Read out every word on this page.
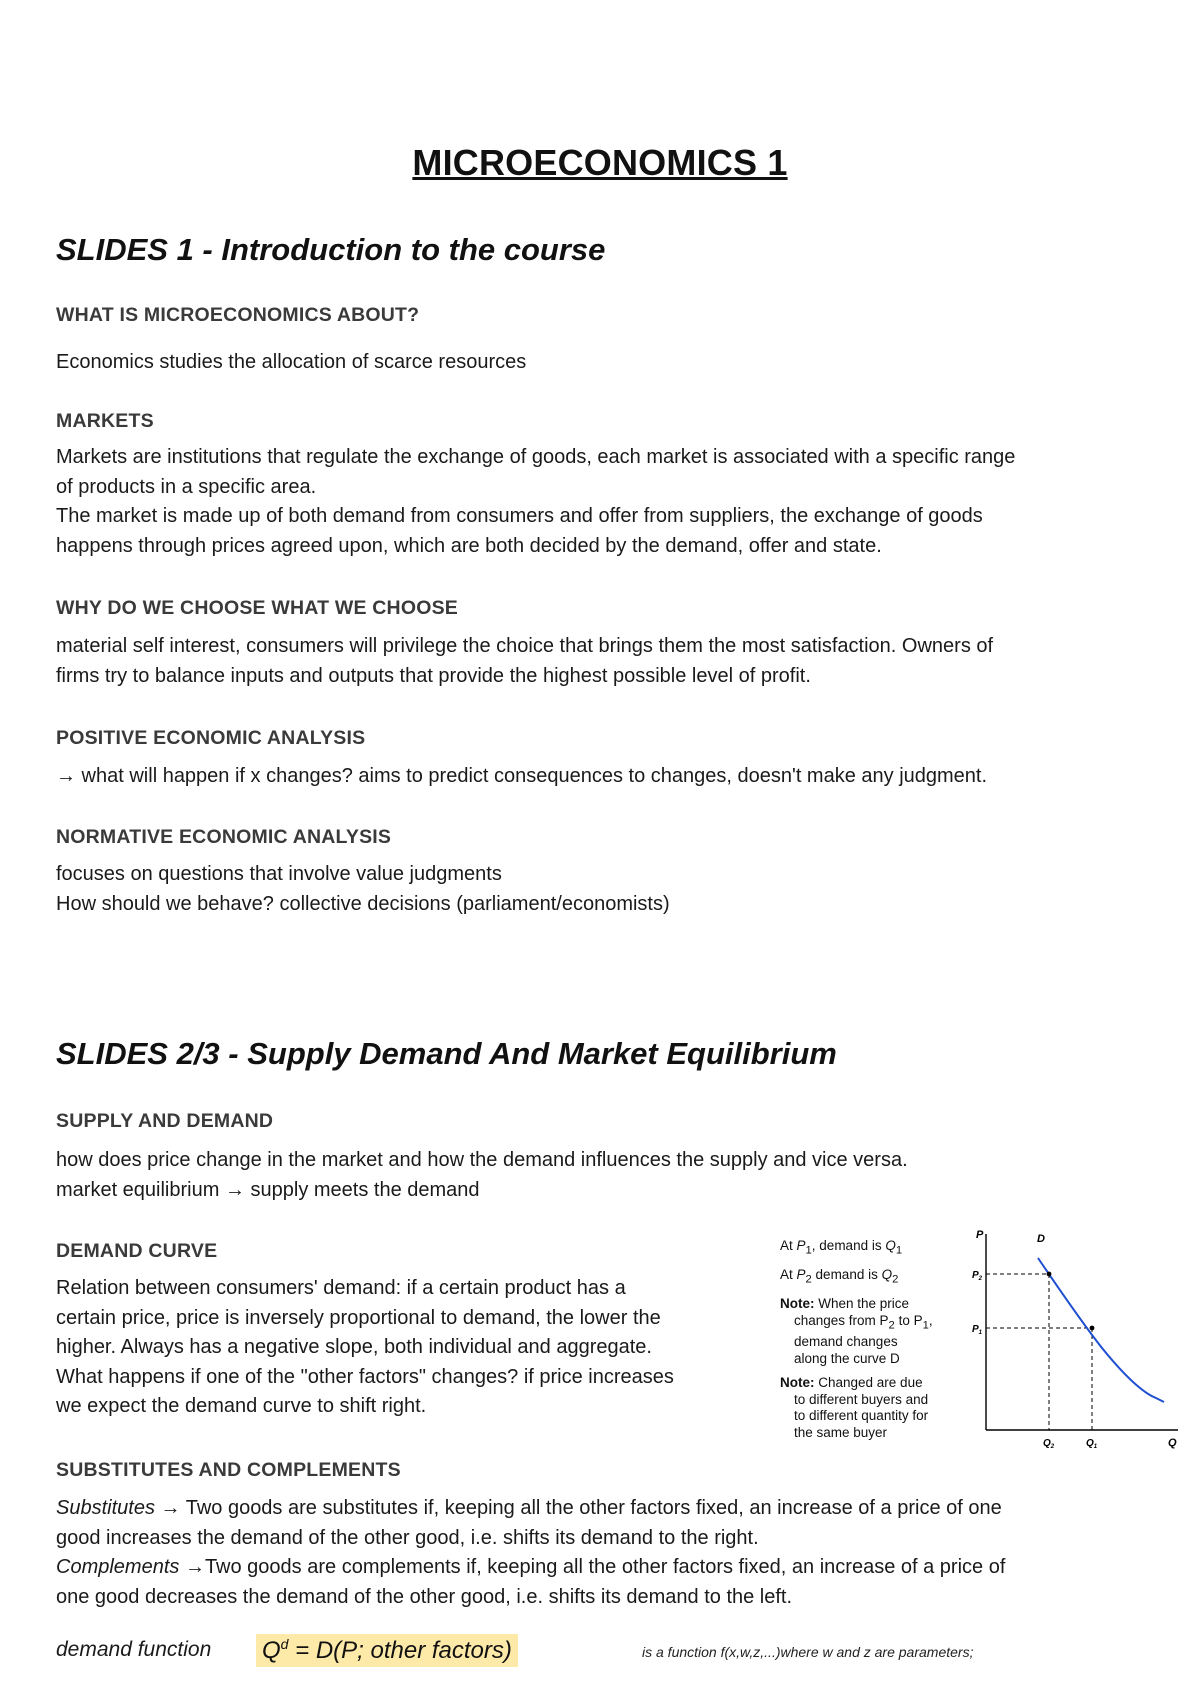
MICROECONOMICS 1
SLIDES 1 - Introduction to the course
WHAT IS MICROECONOMICS ABOUT?

Economics studies the allocation of scarce resources

MARKETS

Markets are institutions that regulate the exchange of goods, each market is associated with a specific range

of products in a specific area.

The market is made up of both demand from consumers and offer from suppliers, the exchange of goods

happens through prices agreed upon, which are both decided by the demand, offer and state.

WHY DO WE CHOOSE WHAT WE CHOOSE

material self interest, consumers will privilege the choice that brings them the most satisfaction. Owners of

firms try to balance inputs and outputs that provide the highest possible level of profit.

POSITIVE ECONOMIC ANALYSIS

→ what will happen if x changes? aims to predict consequences to changes, doesn't make any judgment.

NORMATIVE ECONOMIC ANALYSIS

focuses on questions that involve value judgments

How should we behave? collective decisions (parliament/economists)

SLIDES 2/3 - Supply Demand And Market Equilibrium
SUPPLY AND DEMAND

how does price change in the market and how the demand influences the supply and vice versa.

market equilibrium → supply meets the demand

DEMAND CURVE

Relation between consumers' demand: if a certain product has a

certain price, price is inversely proportional to demand, the lower the

higher. Always has a negative slope, both individual and aggregate.

What happens if one of the "other factors" changes? if price increases

we expect the demand curve to shift right.

SUBSTITUTES AND COMPLEMENTS

Substitutes → Two goods are substitutes if, keeping all the other factors fixed, an increase of a price of one

good increases the demand of the other good, i.e. shifts its demand to the right.

Complements →Two goods are complements if, keeping all the other factors fixed, an increase of a price of

one good decreases the demand of the other good, i.e. shifts its demand to the left.

demand function $Q^d = D(P$; other factors)	is a function f(x,w,z,...)where w and z are parameters;
At $P_1$, demand is $Q_1$
At $P_2$ demand is $Q_2$
Note: When the price
changes from $P_2$ to $P_1$,
demand changes
along the curve D
Note: Changed are due
to different buyers and
to different quantity for
the same buyer
P
Q
D
$P_2$
$P_1$
$Q_2$	$Q_1$
